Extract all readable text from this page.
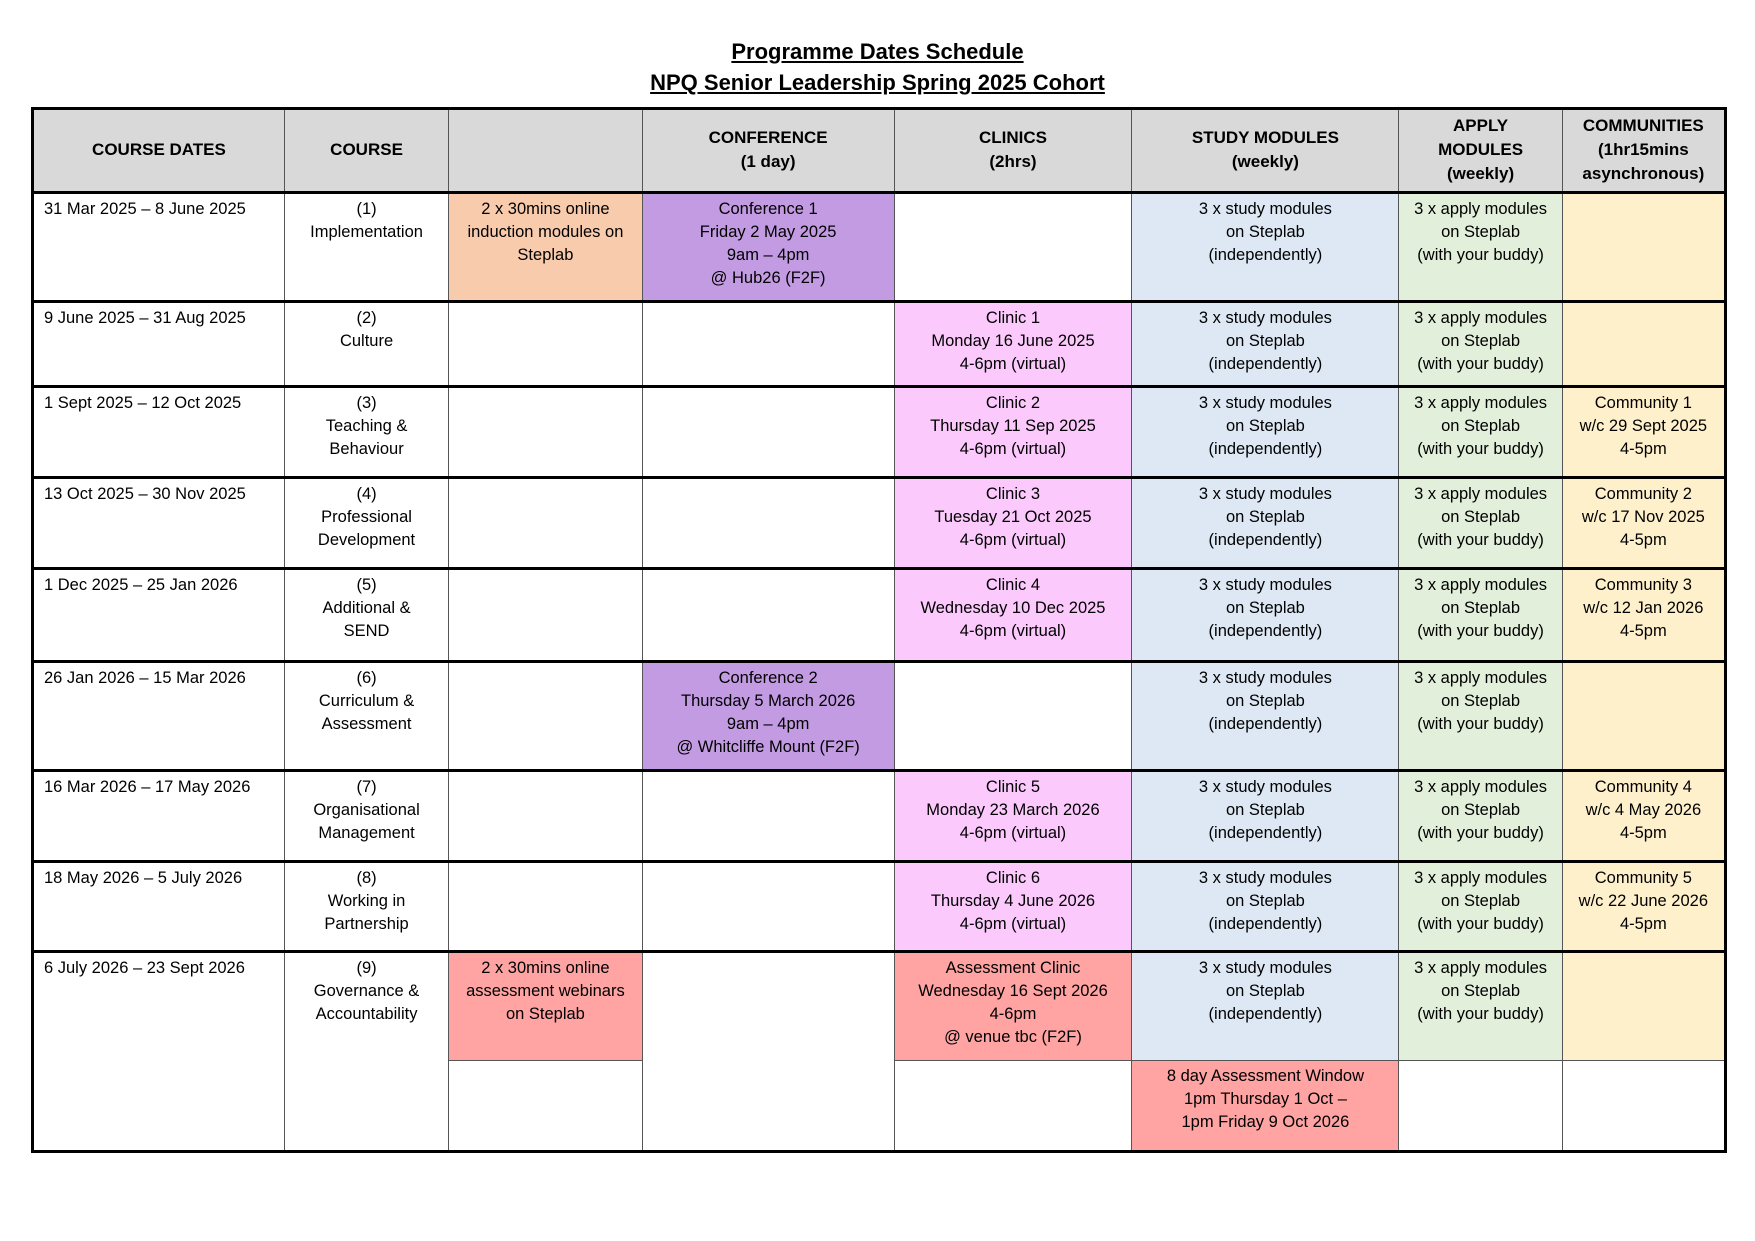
Programme Dates Schedule
NPQ Senior Leadership Spring 2025 Cohort
COURSE DATES	COURSE		CONFERENCE
(1 day)	CLINICS
(2hrs)	STUDY MODULES
(weekly)	APPLY
MODULES
(weekly)	COMMUNITIES
(1hr15mins
asynchronous)

31 Mar 2025 – 8 June 2025	(1)
Implementation	2 x 30mins online
induction modules on
Steplab	Conference 1
Friday 2 May 2025
9am – 4pm
@ Hub26 (F2F)		3 x study modules
on Steplab
(independently)	3 x apply modules
on Steplab
(with your buddy)	

9 June 2025 – 31 Aug 2025	(2)
Culture			Clinic 1
Monday 16 June 2025
4-6pm (virtual)	3 x study modules
on Steplab
(independently)	3 x apply modules
on Steplab
(with your buddy)	

1 Sept 2025 – 12 Oct 2025	(3)
Teaching &
Behaviour			Clinic 2
Thursday 11 Sep 2025
4-6pm (virtual)	3 x study modules
on Steplab
(independently)	3 x apply modules
on Steplab
(with your buddy)	Community 1
w/c 29 Sept 2025
4-5pm

13 Oct 2025 – 30 Nov 2025	(4)
Professional
Development			Clinic 3
Tuesday 21 Oct 2025
4-6pm (virtual)	3 x study modules
on Steplab
(independently)	3 x apply modules
on Steplab
(with your buddy)	Community 2
w/c 17 Nov 2025
4-5pm

1 Dec 2025 – 25 Jan 2026	(5)
Additional &
SEND			Clinic 4
Wednesday 10 Dec 2025
4-6pm (virtual)	3 x study modules
on Steplab
(independently)	3 x apply modules
on Steplab
(with your buddy)	Community 3
w/c 12 Jan 2026
4-5pm

26 Jan 2026 – 15 Mar 2026	(6)
Curriculum &
Assessment		Conference 2
Thursday 5 March 2026
9am – 4pm
@ Whitcliffe Mount (F2F)		3 x study modules
on Steplab
(independently)	3 x apply modules
on Steplab
(with your buddy)	

16 Mar 2026 – 17 May 2026	(7)
Organisational
Management			Clinic 5
Monday 23 March 2026
4-6pm (virtual)	3 x study modules
on Steplab
(independently)	3 x apply modules
on Steplab
(with your buddy)	Community 4
w/c 4 May 2026
4-5pm

18 May 2026 – 5 July 2026	(8)
Working in
Partnership			Clinic 6
Thursday 4 June 2026
4-6pm (virtual)	3 x study modules
on Steplab
(independently)	3 x apply modules
on Steplab
(with your buddy)	Community 5
w/c 22 June 2026
4-5pm

6 July 2026 – 23 Sept 2026	(9)
Governance &
Accountability	2 x 30mins online
assessment webinars
on Steplab		Assessment Clinic
Wednesday 16 Sept 2026
4-6pm
@ venue tbc (F2F)	3 x study modules
on Steplab
(independently)	3 x apply modules
on Steplab
(with your buddy)	

					8 day Assessment Window
1pm Thursday 1 Oct –
1pm Friday 9 Oct 2026		
